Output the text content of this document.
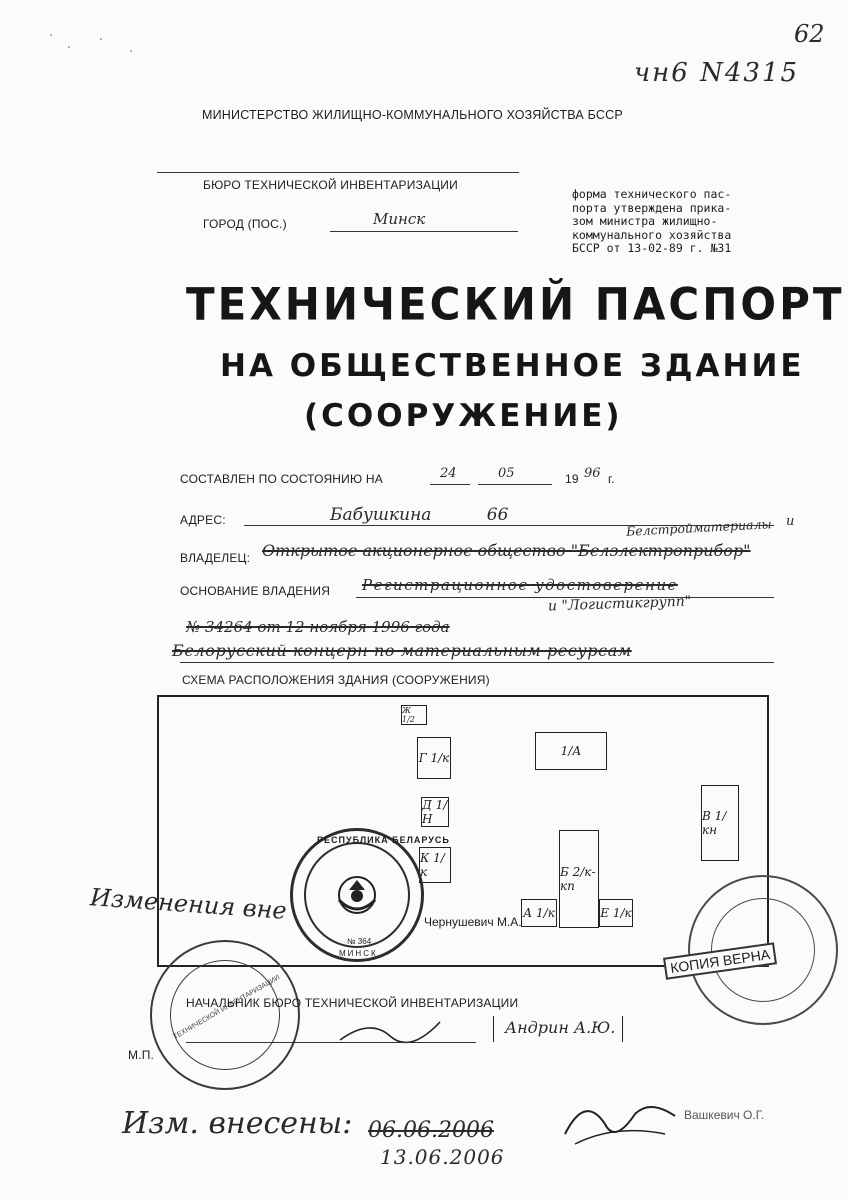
62
чн6 N4315
МИНИСТЕРСТВО ЖИЛИЩНО-КОММУНАЛЬНОГО ХОЗЯЙСТВА БССР
БЮРО ТЕХНИЧЕСКОЙ ИНВЕНТАРИЗАЦИИ
ГОРОД (ПОС.)	Минск
форма технического пас-
порта утверждена прика-
зом министра жилищно-
коммунального хозяйства
БССР от 13-02-89 г. №31
ТЕХНИЧЕСКИЙ ПАСПОРТ
НА ОБЩЕСТВЕННОЕ ЗДАНИЕ
(СООРУЖЕНИЕ)
СОСТАВЛЕН ПО СОСТОЯНИЮ НА	24	05	19 96 г.
АДРЕС:	Бабушкина 66
Белстройматериалы и
ВЛАДЕЛЕЦ: Открытое акционерное общество "Белэлектроприбор"
ОСНОВАНИЕ ВЛАДЕНИЯ Регистрационное удостоверение
и "Логистикгрупп"
№ 34264 от 12 ноября 1996 года
Белорусский концерн по материальным ресурсам
СХЕМА РАСПОЛОЖЕНИЯ ЗДАНИЯ (СООРУЖЕНИЯ)
Ж 1/2
Г 1/к	1/А
Д 1/Н	В 1/кн
К 1/к	Б 2/к-кп
А 1/к	Е 1/к
РЕСПУБЛИКА БЕЛАРУСЬ
№ 364
МИНСК
Чернушевич М.А.
Изменения вне
ТЕХНИЧЕСКОЙ ИНВЕНТАРИЗАЦИИ
КОПИЯ ВЕРНА
НАЧАЛЬНИК БЮРО ТЕХНИЧЕСКОЙ ИНВЕНТАРИЗАЦИИ
Андрин А.Ю.
М.П.
Изм. внесены: 06.06.2006
13.06.2006
Вашкевич О.Г.
